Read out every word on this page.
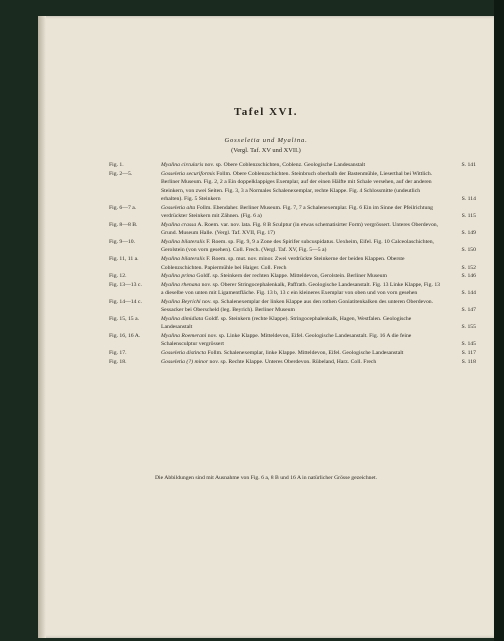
Tafel XVI.
Gosseletia und Myalina.
(Vergl. Taf. XV und XVII.)
Fig. 1.	Myalina circularis nov. sp. Obere Coblenzschichten, Coblenz. Geologische Landesanstalt	S. 141
Fig. 2—5.	Gosseletia securiformis Follm. Obere Coblenzschichten. Steinbruch oberhalb der Bastenmühle, Lieserthal bei Wittlich. Berliner Museum. Fig. 2, 2 a Ein doppelklappiges Exemplar, auf der einen Hälfte mit Schale versehen, auf der anderen Steinkern, von zwei Seiten. Fig. 3, 3 a Normales Schalenexemplar, rechte Klappe. Fig. 4 Schlossmitte (undeutlich erhalten). Fig. 5 Steinkern	S. 114
Fig. 6—7 a.	Gosseletia alta Follm. Ebendaher. Berliner Museum. Fig. 7, 7 a Schalenexemplar. Fig. 6 Ein im Sinne der Pfeilrichtung verdrückter Steinkern mit Zähnen. (Fig. 6 a)	S. 115
Fig. 8—8 B.	Myalina crassa A. Roem. var. nov. lata. Fig. 8 B Sculptur (in etwas schematisirter Form) vergrössert. Unteres Oberdevon, Grund. Museum Halle. (Vergl. Taf. XVII, Fig. 17)	S. 149
Fig. 9—10.	Myalina bilateralis F. Roem. sp. Fig. 9, 9 a Zone des Spirifer subcuspidatus. Uexheim, Eifel. Fig. 10 Calceolaschichten, Gerolstein (von vorn gesehen). Coll. Frech. (Vergl. Taf. XV, Fig. 5—5 a)	S. 150
Fig. 11, 11 a.	Myalina bilateralis F. Roem. sp. mut. nov. minor. Zwei verdrückte Steinkerne der beiden Klappen. Oberste Coblenzschichten. Papiermühle bei Haiger. Coll. Frech	S. 152
Fig. 12.	Myalina prima Goldf. sp. Steinkern der rechten Klappe. Mitteldevon, Gerolstein. Berliner Museum	S. 146
Fig. 13—13 c.	Myalina rhenana nov. sp. Oberer Stringocephalenkalk, Paffrath. Geologische Landesanstalt. Fig. 13 Linke Klappe, Fig. 13 a dieselbe von unten mit Ligamentfläche. Fig. 13 b, 13 c ein kleineres Exemplar von oben und von vorn gesehen	S. 144
Fig. 14—14 c.	Myalina Beyrichi nov. sp. Schalenexemplar der linken Klappe aus den rothen Goniatitenkalken des unteren Oberdevon. Sessacker bei Oberscheld (leg. Beyrich). Berliner Museum	S. 147
Fig. 15, 15 a.	Myalina dimidiata Goldf. sp. Steinkern (rechte Klappe). Stringocephalenkalk, Hagen, Westfalen. Geologische Landesanstalt	S. 155
Fig. 16, 16 A.	Myalina Roemerani nov. sp. Linke Klappe. Mitteldevon, Eifel. Geologische Landesanstalt. Fig. 16 A die feine Schalensculptur vergrössert	S. 145
Fig. 17.	Gosseletia distincta Follm. Schalenexemplar, linke Klappe. Mitteldevon, Eifel. Geologische Landesanstalt	S. 117
Fig. 18.	Gosseletia (?) minor nov. sp. Rechte Klappe. Unteres Oberdevon. Rübeland, Harz. Coll. Frech	S. 118
Die Abbildungen sind mit Ausnahme von Fig. 6 a, 8 B und 16 A in natürlicher Grösse gezeichnet.
